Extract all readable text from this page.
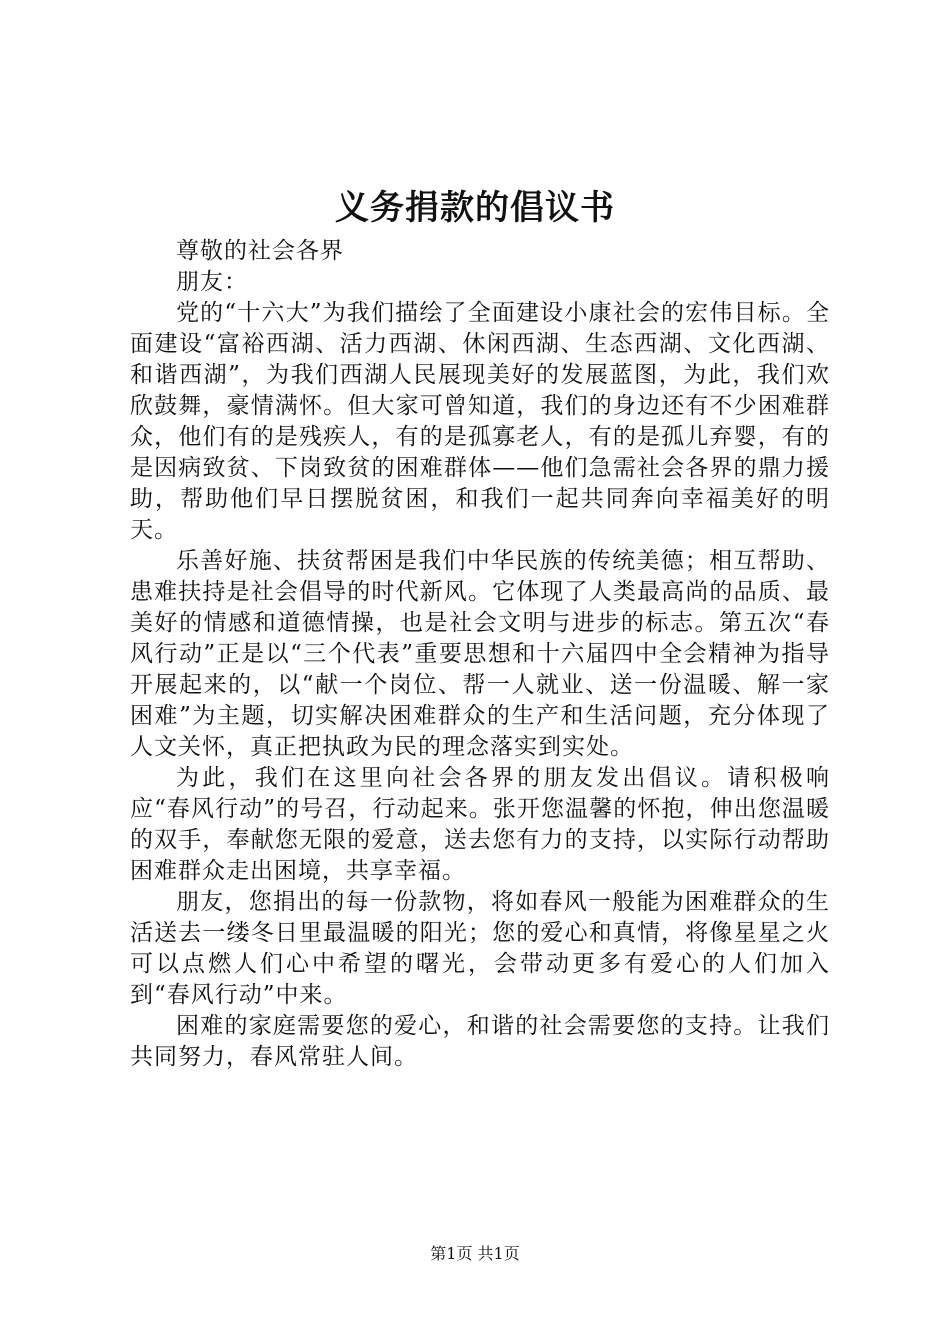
义务捐款的倡议书

尊敬的社会各界

朋友：

党的“十六大”为我们描绘了全面建设小康社会的宏伟目标。全面建设“富裕西湖、活力西湖、休闲西湖、生态西湖、文化西湖、和谐西湖”，为我们西湖人民展现美好的发展蓝图，为此，我们欢欣鼓舞，豪情满怀。但大家可曾知道，我们的身边还有不少困难群众，他们有的是残疾人，有的是孤寡老人，有的是孤儿弃婴，有的是因病致贫、下岗致贫的困难群体——他们急需社会各界的鼎力援助，帮助他们早日摆脱贫困，和我们一起共同奔向幸福美好的明天。

乐善好施、扶贫帮困是我们中华民族的传统美德；相互帮助、患难扶持是社会倡导的时代新风。它体现了人类最高尚的品质、最美好的情感和道德情操，也是社会文明与进步的标志。第五次“春风行动”正是以“三个代表”重要思想和十六届四中全会精神为指导开展起来的，以“献一个岗位、帮一人就业、送一份温暖、解一家困难”为主题，切实解决困难群众的生产和生活问题，充分体现了人文关怀，真正把执政为民的理念落实到实处。

为此，我们在这里向社会各界的朋友发出倡议。请积极响应“春风行动”的号召，行动起来。张开您温馨的怀抱，伸出您温暖的双手，奉献您无限的爱意，送去您有力的支持，以实际行动帮助困难群众走出困境，共享幸福。

朋友，您捐出的每一份款物，将如春风一般能为困难群众的生活送去一缕冬日里最温暖的阳光；您的爱心和真情，将像星星之火可以点燃人们心中希望的曙光，会带动更多有爱心的人们加入到“春风行动”中来。

困难的家庭需要您的爱心，和谐的社会需要您的支持。让我们共同努力，春风常驻人间。

第1页 共1页
